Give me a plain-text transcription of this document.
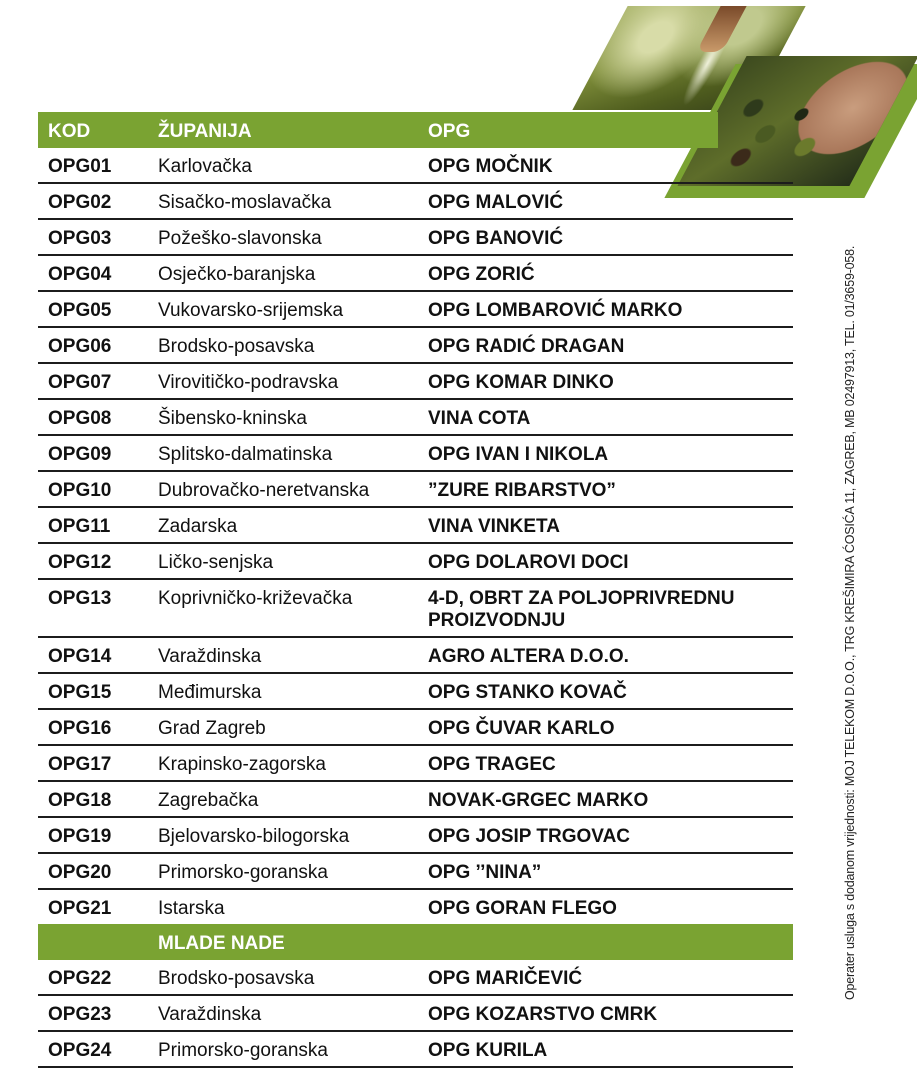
KOD	ŽUPANIJA	OPG
OPG01 Karlovačka	OPG MOČNIK
OPG02 Sisačko-moslavačka	OPG MALOVIĆ
OPG03 Požeško-slavonska	OPG BANOVIĆ
OPG04 Osječko-baranjska	OPG ZORIĆ
OPG05 Vukovarsko-srijemska	OPG LOMBAROVIĆ MARKO
OPG06 Brodsko-posavska	OPG RADIĆ DRAGAN
OPG07 Virovitičko-podravska	OPG KOMAR DINKO
OPG08 Šibensko-kninska	VINA COTA
OPG09 Splitsko-dalmatinska	OPG IVAN I NIKOLA
OPG10 Dubrovačko-neretvanska	”ZURE RIBARSTVO”
OPG11	Zadarska	VINA VINKETA
OPG12 Ličko-senjska	OPG DOLAROVI DOCI
OPG13 Koprivničko-križevačka	4-D, OBRT ZA POLJOPRIVREDNU PROIZVODNJU
OPG14 Varaždinska	AGRO ALTERA D.O.O.
OPG15 Međimurska	OPG STANKO KOVAČ
OPG16 Grad Zagreb	OPG ČUVAR KARLO
OPG17 Krapinsko-zagorska	OPG TRAGEC
OPG18 Zagrebačka	NOVAK-GRGEC MARKO
OPG19 Bjelovarsko-bilogorska	OPG JOSIP TRGOVAC
OPG20 Primorsko-goranska	OPG ’’NINA”
OPG21 Istarska	OPG GORAN FLEGO
MLADE NADE
OPG22 Brodsko-posavska	OPG MARIČEVIĆ
OPG23 Varaždinska	OPG KOZARSTVO CMRK
OPG24 Primorsko-goranska	OPG KURILA
Operater usluga s dodanom vrijednosti: MOJ TELEKOM D.O.O., TRG KREŠIMIRA ĆOSIĆA 11, ZAGREB, MB 02497913, TEL. 01/3659-058.
